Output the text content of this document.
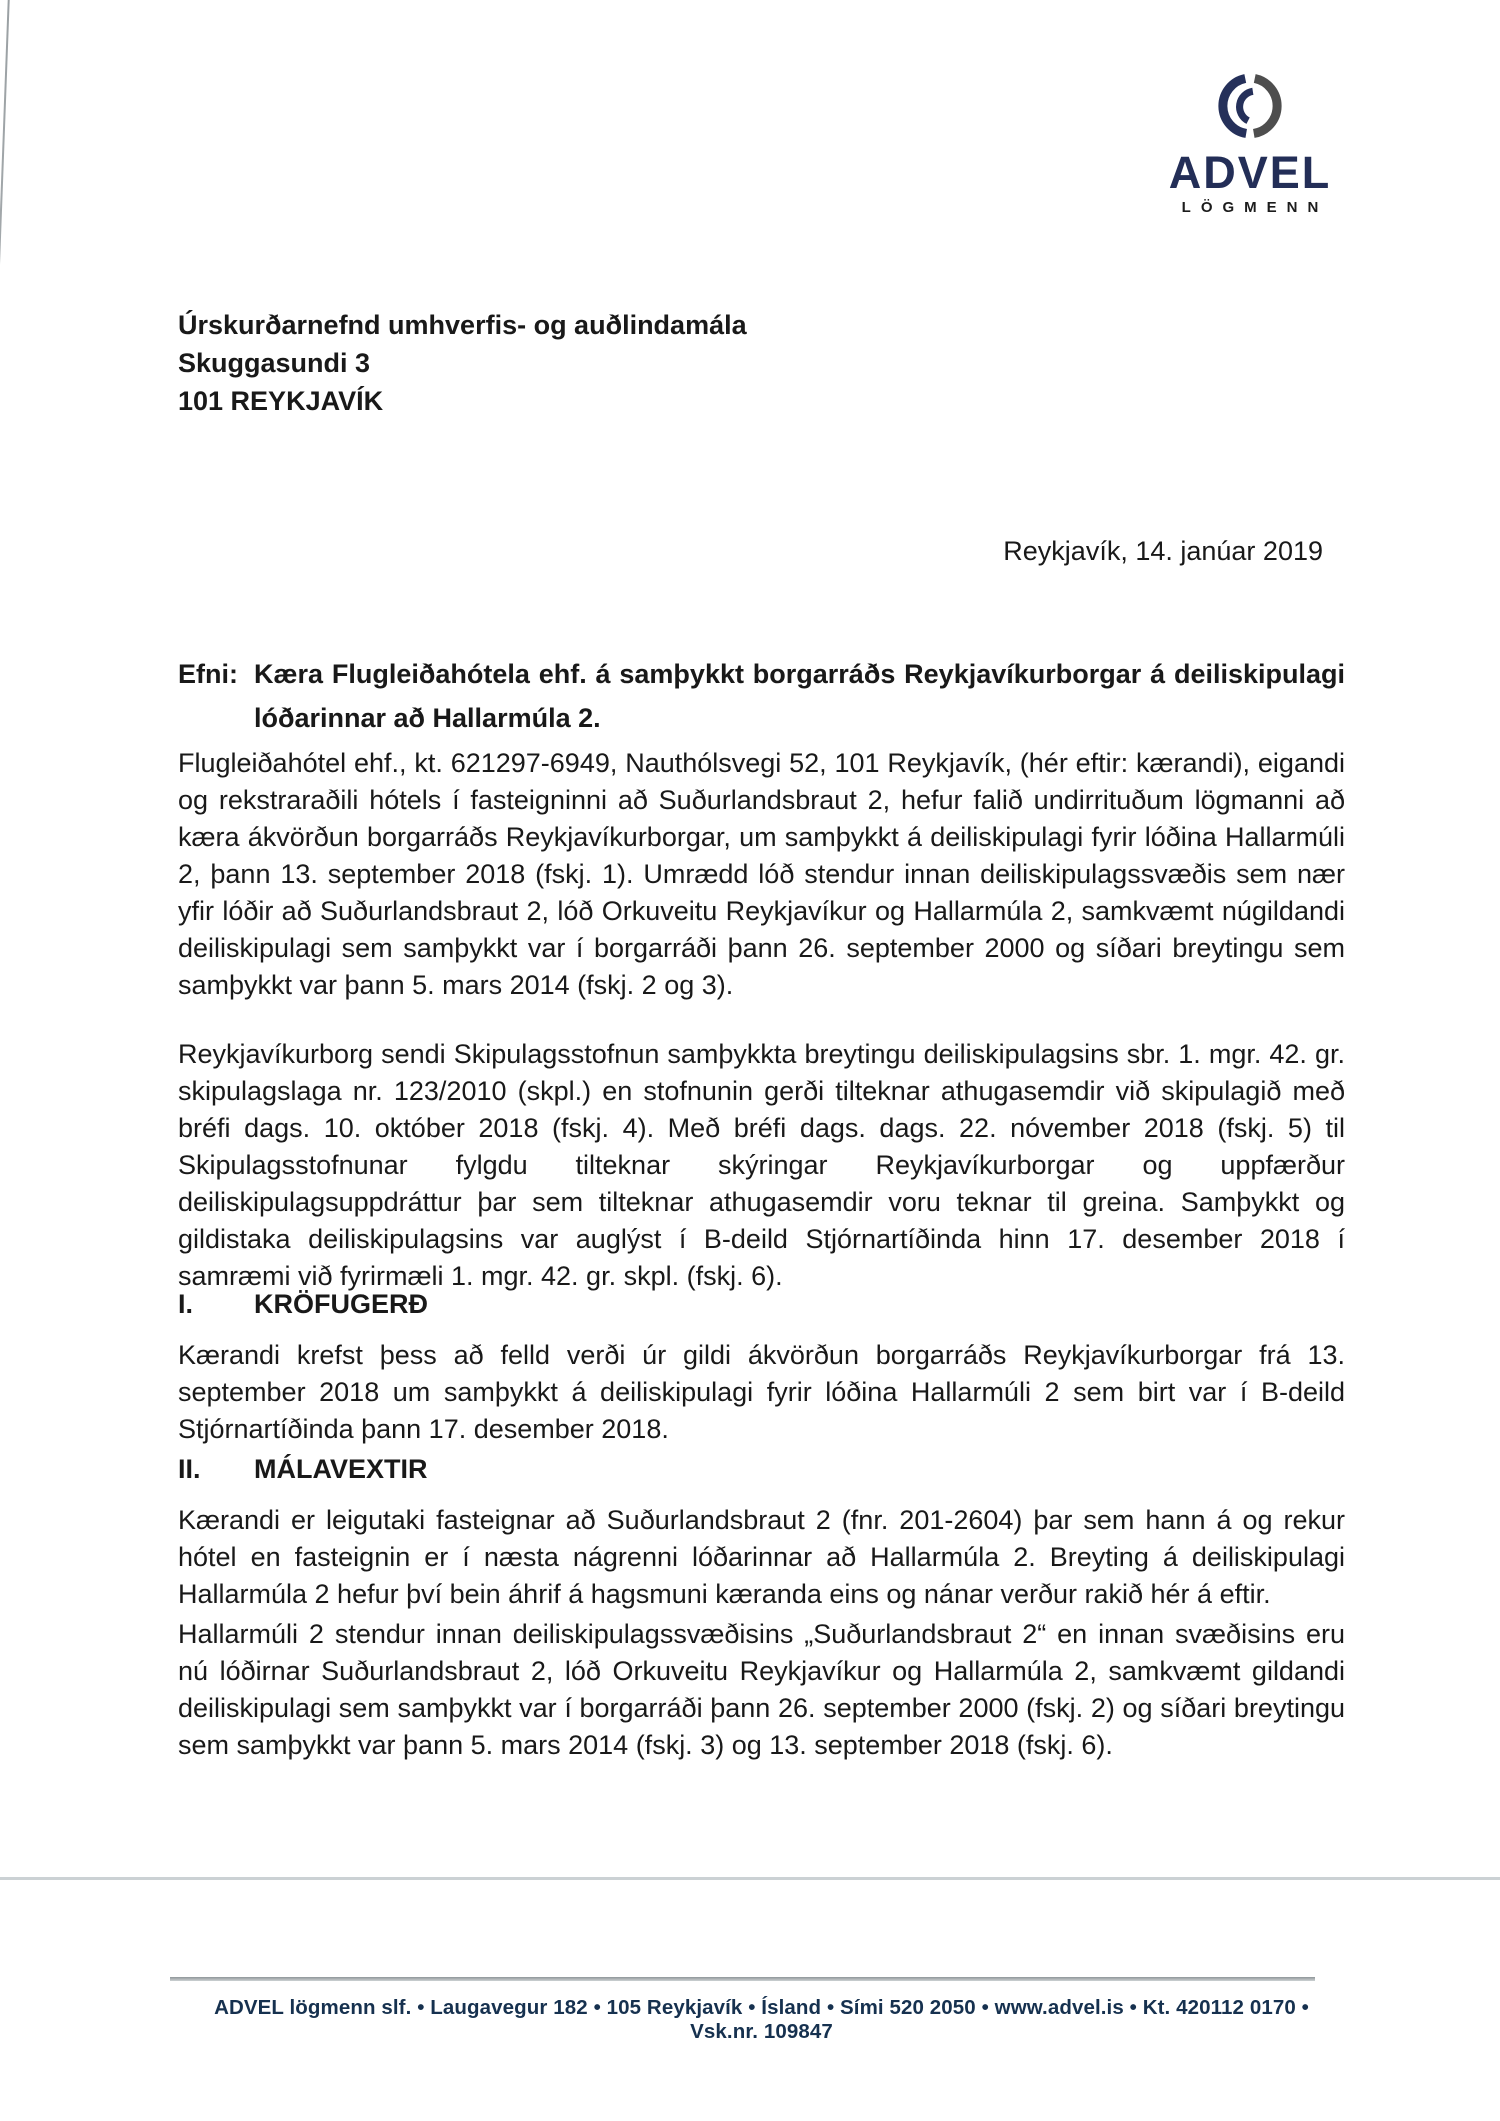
ADVEL
LÖGMENN
Úrskurðarnefnd umhverfis- og auðlindamála
Skuggasundi 3
101 REYKJAVÍK
Reykjavík, 14. janúar 2019
Efni: Kæra Flugleiðahótela ehf. á samþykkt borgarráðs Reykjavíkurborgar á deiliskipulagi lóðarinnar að Hallarmúla 2.

Flugleiðahótel ehf., kt. 621297-6949, Nauthólsvegi 52, 101 Reykjavík, (hér eftir: kærandi), eigandi og rekstraraðili hótels í fasteigninni að Suðurlandsbraut 2, hefur falið undirrituðum lögmanni að kæra ákvörðun borgarráðs Reykjavíkurborgar, um samþykkt á deiliskipulagi fyrir lóðina Hallarmúli 2, þann 13. september 2018 (fskj. 1). Umrædd lóð stendur innan deiliskipulagssvæðis sem nær yfir lóðir að Suðurlandsbraut 2, lóð Orkuveitu Reykjavíkur og Hallarmúla 2, samkvæmt núgildandi deiliskipulagi sem samþykkt var í borgarráði þann 26. september 2000 og síðari breytingu sem samþykkt var þann 5. mars 2014 (fskj. 2 og 3).

Reykjavíkurborg sendi Skipulagsstofnun samþykkta breytingu deiliskipulagsins sbr. 1. mgr. 42. gr. skipulagslaga nr. 123/2010 (skpl.) en stofnunin gerði tilteknar athugasemdir við skipulagið með bréfi dags. 10. október 2018 (fskj. 4). Með bréfi dags. dags. 22. nóvember 2018 (fskj. 5) til Skipulagsstofnunar fylgdu tilteknar skýringar Reykjavíkurborgar og uppfærður deiliskipulagsuppdráttur þar sem tilteknar athugasemdir voru teknar til greina. Samþykkt og gildistaka deiliskipulagsins var auglýst í B-deild Stjórnartíðinda hinn 17. desember 2018 í samræmi við fyrirmæli 1. mgr. 42. gr. skpl. (fskj. 6).

I.	KRÖFUGERÐ

Kærandi krefst þess að felld verði úr gildi ákvörðun borgarráðs Reykjavíkurborgar frá 13. september 2018 um samþykkt á deiliskipulagi fyrir lóðina Hallarmúli 2 sem birt var í B-deild Stjórnartíðinda þann 17. desember 2018.

II.	MÁLAVEXTIR

Kærandi er leigutaki fasteignar að Suðurlandsbraut 2 (fnr. 201-2604) þar sem hann á og rekur hótel en fasteignin er í næsta nágrenni lóðarinnar að Hallarmúla 2. Breyting á deiliskipulagi Hallarmúla 2 hefur því bein áhrif á hagsmuni kæranda eins og nánar verður rakið hér á eftir.

Hallarmúli 2 stendur innan deiliskipulagssvæðisins „Suðurlandsbraut 2“ en innan svæðisins eru nú lóðirnar Suðurlandsbraut 2, lóð Orkuveitu Reykjavíkur og Hallarmúla 2, samkvæmt gildandi deiliskipulagi sem samþykkt var í borgarráði þann 26. september 2000 (fskj. 2) og síðari breytingu sem samþykkt var þann 5. mars 2014 (fskj. 3) og 13. september 2018 (fskj. 6).

ADVEL lögmenn slf. • Laugavegur 182 • 105 Reykjavík • Ísland • Sími 520 2050 • www.advel.is • Kt. 420112 0170 • Vsk.nr. 109847
